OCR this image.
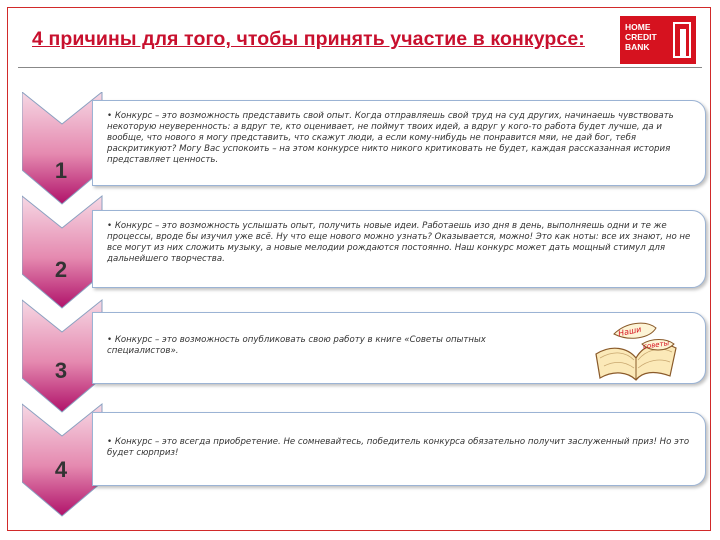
4 причины для того, чтобы принять участие в конкурсе:
HOME
CREDIT
BANK
1
2
3
4
• Конкурс – это возможность представить свой опыт. Когда отправляешь свой труд на суд других, начинаешь чувствовать некоторую неуверенность: а вдруг те, кто оценивает, не поймут твоих идей, а вдруг у кого-то работа будет лучше, да и вообще, что нового я могу представить, что скажут люди, а если кому-нибудь не понравится мяи, не дай бог, тебя раскритикуют? Могу Вас успокоить – на этом конкурсе никто никого критиковать не будет, каждая рассказанная история представляет ценность.
• Конкурс – это возможность услышать опыт, получить новые идеи. Работаешь изо дня в день, выполняешь одни и те же процессы, вроде бы изучил уже всё. Ну что еще нового можно узнать? Оказывается, можно! Это как ноты: все их знают, но не все могут из них сложить музыку, а новые мелодии рождаются постоянно. Наш конкурс может дать мощный стимул для дальнейшего творчества.
• Конкурс – это возможность опубликовать свою работу в книге «Советы опытных специалистов».
• Конкурс – это всегда приобретение. Не сомневайтесь, победитель конкурса обязательно получит заслуженный приз! Но это будет сюрприз!
Наши
советы
